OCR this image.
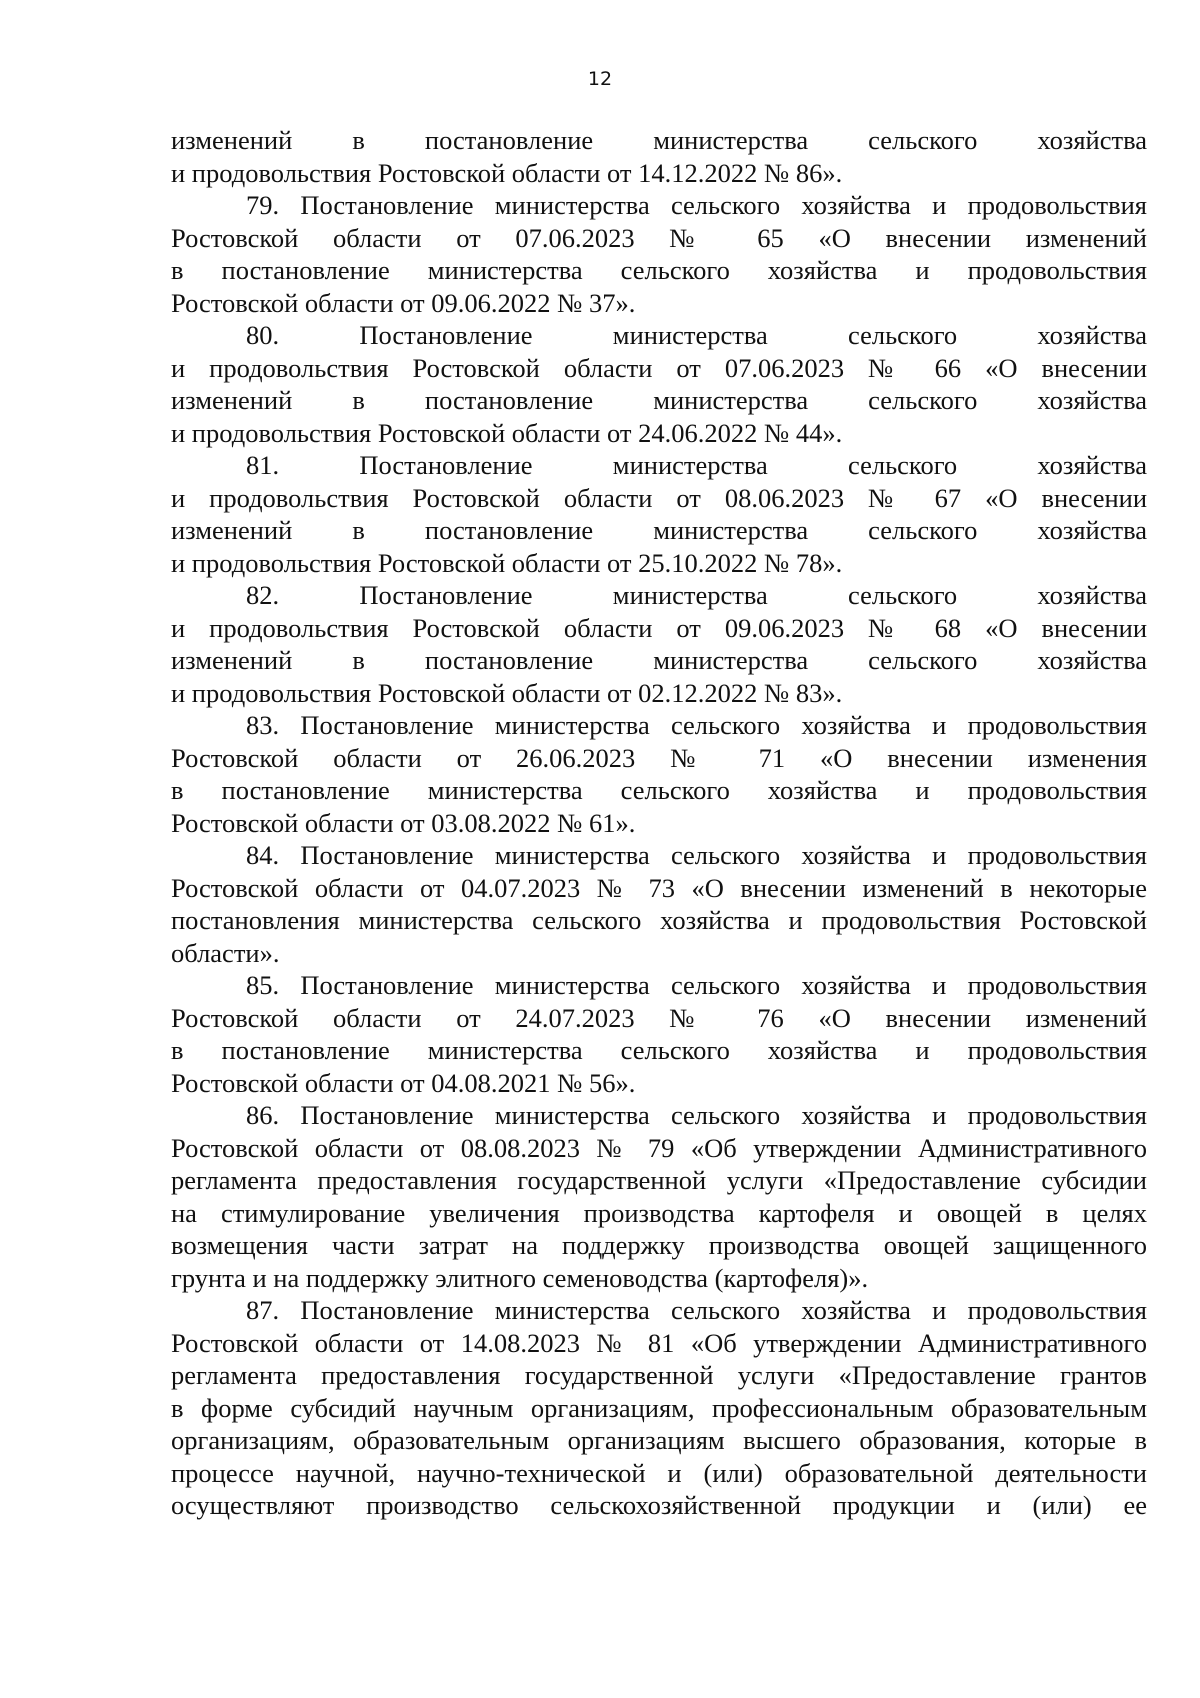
12
изменений в постановление министерства сельского хозяйства
и продовольствия Ростовской области от 14.12.2022 № 86».
79. Постановление министерства сельского хозяйства и продовольствия
Ростовской области от 07.06.2023 № 65 «О внесении изменений
в постановление министерства сельского хозяйства и продовольствия
Ростовской области от 09.06.2022 № 37».
80. Постановление министерства сельского хозяйства
и продовольствия Ростовской области от 07.06.2023 № 66 «О внесении
изменений в постановление министерства сельского хозяйства
и продовольствия Ростовской области от 24.06.2022 № 44».
81. Постановление министерства сельского хозяйства
и продовольствия Ростовской области от 08.06.2023 № 67 «О внесении
изменений в постановление министерства сельского хозяйства
и продовольствия Ростовской области от 25.10.2022 № 78».
82. Постановление министерства сельского хозяйства
и продовольствия Ростовской области от 09.06.2023 № 68 «О внесении
изменений в постановление министерства сельского хозяйства
и продовольствия Ростовской области от 02.12.2022 № 83».
83. Постановление министерства сельского хозяйства и продовольствия
Ростовской области от 26.06.2023 № 71 «О внесении изменения
в постановление министерства сельского хозяйства и продовольствия
Ростовской области от 03.08.2022 № 61».
84. Постановление министерства сельского хозяйства и продовольствия
Ростовской области от 04.07.2023 № 73 «О внесении изменений в некоторые
постановления министерства сельского хозяйства и продовольствия Ростовской
области».
85. Постановление министерства сельского хозяйства и продовольствия
Ростовской области от 24.07.2023 № 76 «О внесении изменений
в постановление министерства сельского хозяйства и продовольствия
Ростовской области от 04.08.2021 № 56».
86. Постановление министерства сельского хозяйства и продовольствия
Ростовской области от 08.08.2023 № 79 «Об утверждении Административного
регламента предоставления государственной услуги «Предоставление субсидии
на стимулирование увеличения производства картофеля и овощей в целях
возмещения части затрат на поддержку производства овощей защищенного
грунта и на поддержку элитного семеноводства (картофеля)».
87. Постановление министерства сельского хозяйства и продовольствия
Ростовской области от 14.08.2023 № 81 «Об утверждении Административного
регламента предоставления государственной услуги «Предоставление грантов
в форме субсидий научным организациям, профессиональным образовательным
организациям, образовательным организациям высшего образования, которые в
процессе научной, научно-технической и (или) образовательной деятельности
осуществляют производство сельскохозяйственной продукции и (или) ее
